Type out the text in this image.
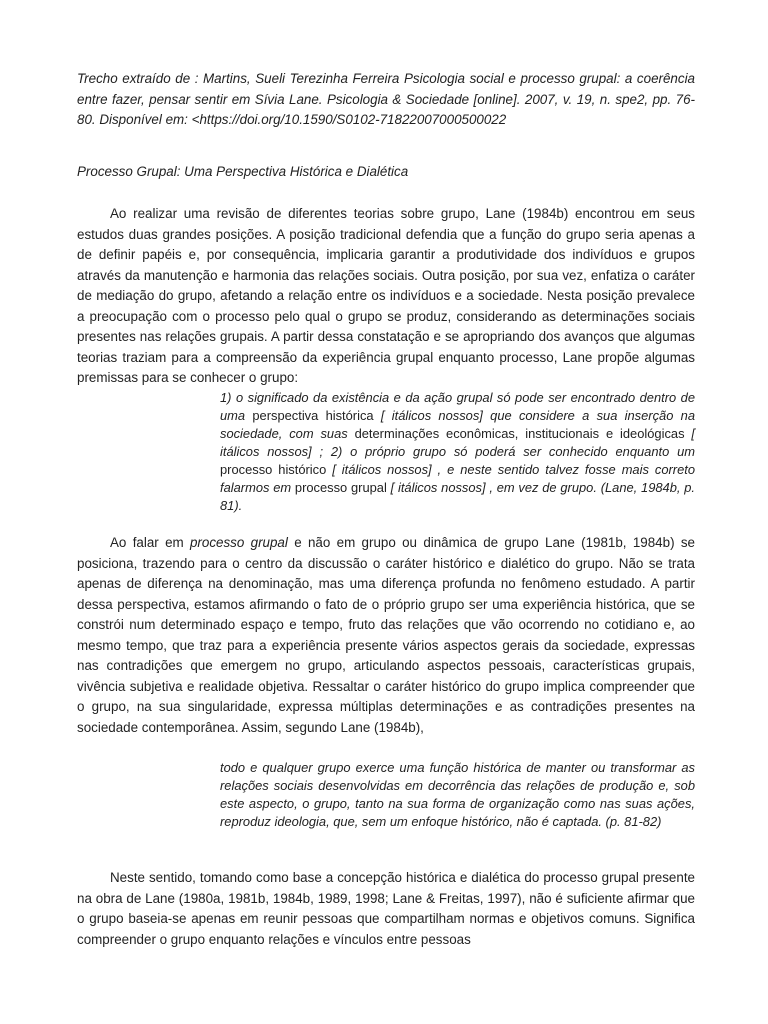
Trecho extraído de : Martins, Sueli Terezinha Ferreira Psicologia social e processo grupal: a coerência entre fazer, pensar sentir em Sívia Lane. Psicologia & Sociedade [online]. 2007, v. 19, n. spe2, pp. 76-80. Disponível em: <https://doi.org/10.1590/S0102-71822007000500022
Processo Grupal: Uma Perspectiva Histórica e Dialética

Ao realizar uma revisão de diferentes teorias sobre grupo, Lane (1984b) encontrou em seus estudos duas grandes posições. A posição tradicional defendia que a função do grupo seria apenas a de definir papéis e, por consequência, implicaria garantir a produtividade dos indivíduos e grupos através da manutenção e harmonia das relações sociais. Outra posição, por sua vez, enfatiza o caráter de mediação do grupo, afetando a relação entre os indivíduos e a sociedade. Nesta posição prevalece a preocupação com o processo pelo qual o grupo se produz, considerando as determinações sociais presentes nas relações grupais. A partir dessa constatação e se apropriando dos avanços que algumas teorias traziam para a compreensão da experiência grupal enquanto processo, Lane propõe algumas premissas para se conhecer o grupo:

1) o significado da existência e da ação grupal só pode ser encontrado dentro de uma perspectiva histórica [ itálicos nossos] que considere a sua inserção na sociedade, com suas determinações econômicas, institucionais e ideológicas [ itálicos nossos] ; 2) o próprio grupo só poderá ser conhecido enquanto um processo histórico [ itálicos nossos] , e neste sentido talvez fosse mais correto falarmos em processo grupal [ itálicos nossos] , em vez de grupo. (Lane, 1984b, p. 81).

Ao falar em processo grupal e não em grupo ou dinâmica de grupo Lane (1981b, 1984b) se posiciona, trazendo para o centro da discussão o caráter histórico e dialético do grupo. Não se trata apenas de diferença na denominação, mas uma diferença profunda no fenômeno estudado. A partir dessa perspectiva, estamos afirmando o fato de o próprio grupo ser uma experiência histórica, que se constrói num determinado espaço e tempo, fruto das relações que vão ocorrendo no cotidiano e, ao mesmo tempo, que traz para a experiência presente vários aspectos gerais da sociedade, expressas nas contradições que emergem no grupo, articulando aspectos pessoais, características grupais, vivência subjetiva e realidade objetiva. Ressaltar o caráter histórico do grupo implica compreender que o grupo, na sua singularidade, expressa múltiplas determinações e as contradições presentes na sociedade contemporânea. Assim, segundo Lane (1984b),

todo e qualquer grupo exerce uma função histórica de manter ou transformar as relações sociais desenvolvidas em decorrência das relações de produção e, sob este aspecto, o grupo, tanto na sua forma de organização como nas suas ações, reproduz ideologia, que, sem um enfoque histórico, não é captada. (p. 81-82)

Neste sentido, tomando como base a concepção histórica e dialética do processo grupal presente na obra de Lane (1980a, 1981b, 1984b, 1989, 1998; Lane & Freitas, 1997), não é suficiente afirmar que o grupo baseia-se apenas em reunir pessoas que compartilham normas e objetivos comuns. Significa compreender o grupo enquanto relações e vínculos entre pessoas
